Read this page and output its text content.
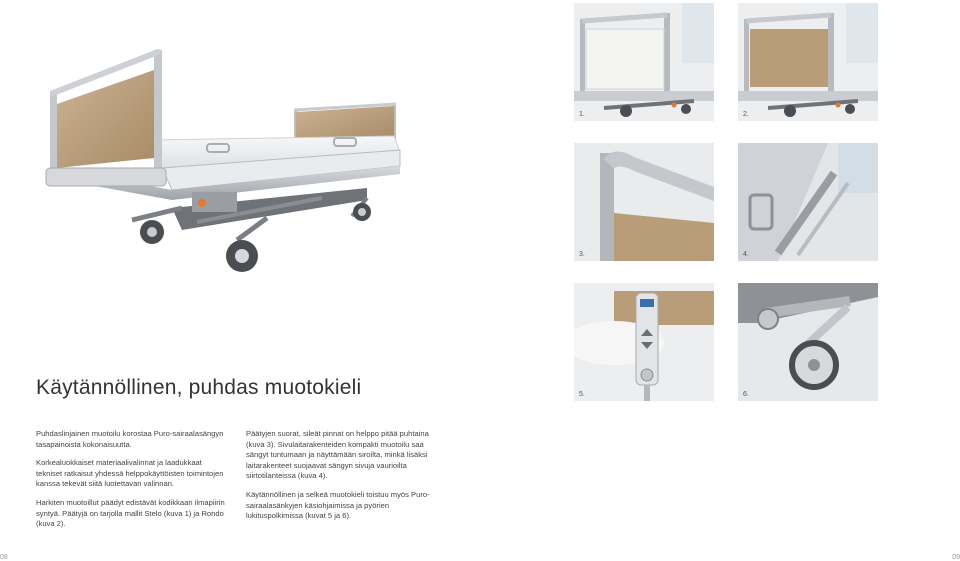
Käytännöllinen, puhdas muotokieli

Puhdaslinjainen muotoilu korostaa Puro-sairaalasängyn tasapainoista kokonaisuutta.

Korkealuokkaiset materiaalivalinnat ja laadukkaat tekniset ratkaisut yhdessä helppokäyttöisten toimintojen kanssa tekevät siitä luotettavan valinnan.

Harkiten muotoillut päädyt edistävät kodikkaan ilmapiirin syntyä. Päätyjä on tarjolla mallit Stelo (kuva 1) ja Rondo (kuva 2).

Päätyjen suorat, sileät pinnat on helppo pitää puhtaina (kuva 3). Sivulaitarakenteiden kompakti muotoilu saa sängyt tuntumaan ja näyttämään siroilta, minkä lisäksi laitarakenteet suojaavat sängyn sivuja vaurioilta siirtotilanteissa (kuva 4).

Käytännöllinen ja selkeä muotokieli toistuu myös Puro-sairaalasänkyjen käsiohjaimissa ja pyörien lukituspolkimissa (kuvat 5 ja 6).

1.	2.
3.	4.
5.	6.
08	09
